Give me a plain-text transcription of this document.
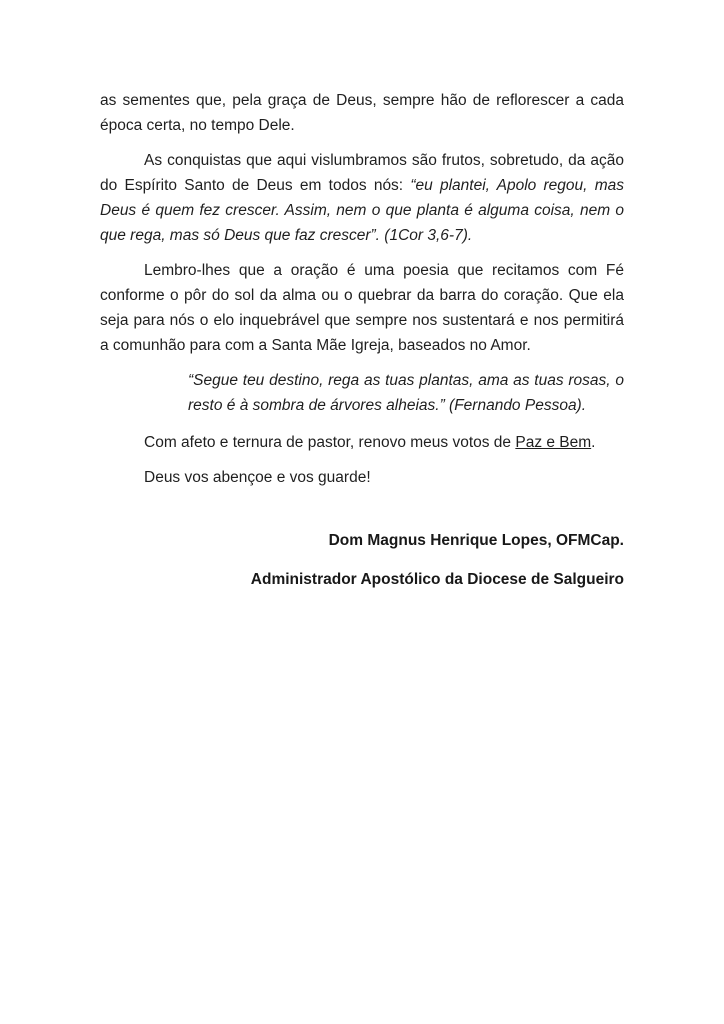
as sementes que, pela graça de Deus, sempre hão de reflorescer a cada época certa, no tempo Dele.

As conquistas que aqui vislumbramos são frutos, sobretudo, da ação do Espírito Santo de Deus em todos nós: “eu plantei, Apolo regou, mas Deus é quem fez crescer. Assim, nem o que planta é alguma coisa, nem o que rega, mas só Deus que faz crescer”. (1Cor 3,6-7).

Lembro-lhes que a oração é uma poesia que recitamos com Fé conforme o pôr do sol da alma ou o quebrar da barra do coração. Que ela seja para nós o elo inquebrável que sempre nos sustentará e nos permitirá a comunhão para com a Santa Mãe Igreja, baseados no Amor.

“Segue teu destino, rega as tuas plantas, ama as tuas rosas, o resto é à sombra de árvores alheias.” (Fernando Pessoa).

Com afeto e ternura de pastor, renovo meus votos de Paz e Bem.

Deus vos abençoe e vos guarde!

Dom Magnus Henrique Lopes, OFMCap.

Administrador Apostólico da Diocese de Salgueiro
